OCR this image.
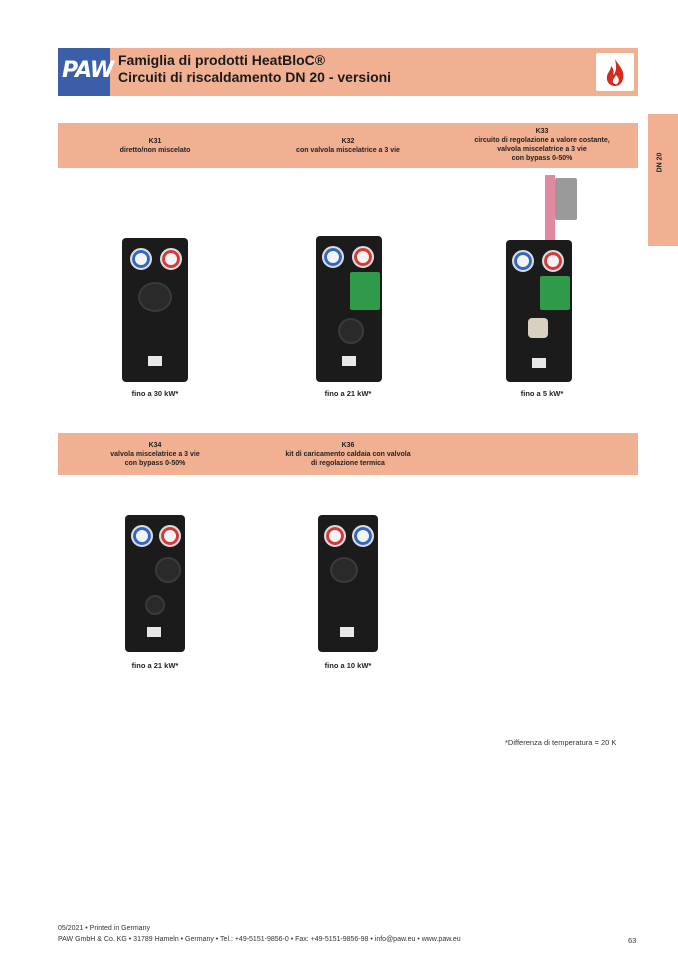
PAW Famiglia di prodotti HeatBloC®
Circuiti di riscaldamento DN 20 - versioni
DN 20
K31
diretto/non miscelato
K32
con valvola miscelatrice a 3 vie
K33
circuito di regolazione a valore costante,
valvola miscelatrice a 3 vie
con bypass 0-50%
fino a 30 kW*	fino a 21 kW*	fino a 5 kW*
K34
valvola miscelatrice a 3 vie
con bypass 0-50%
K36
kit di caricamento caldaia con valvola
di regolazione termica
fino a 21 kW*	fino a 10 kW*
*Differenza di temperatura = 20 K
05/2021 • Printed in Germany
PAW GmbH & Co. KG • 31789 Hameln • Germany • Tel.: +49-5151-9856-0 • Fax: +49-5151-9856-98 • info@paw.eu • www.paw.eu	63
